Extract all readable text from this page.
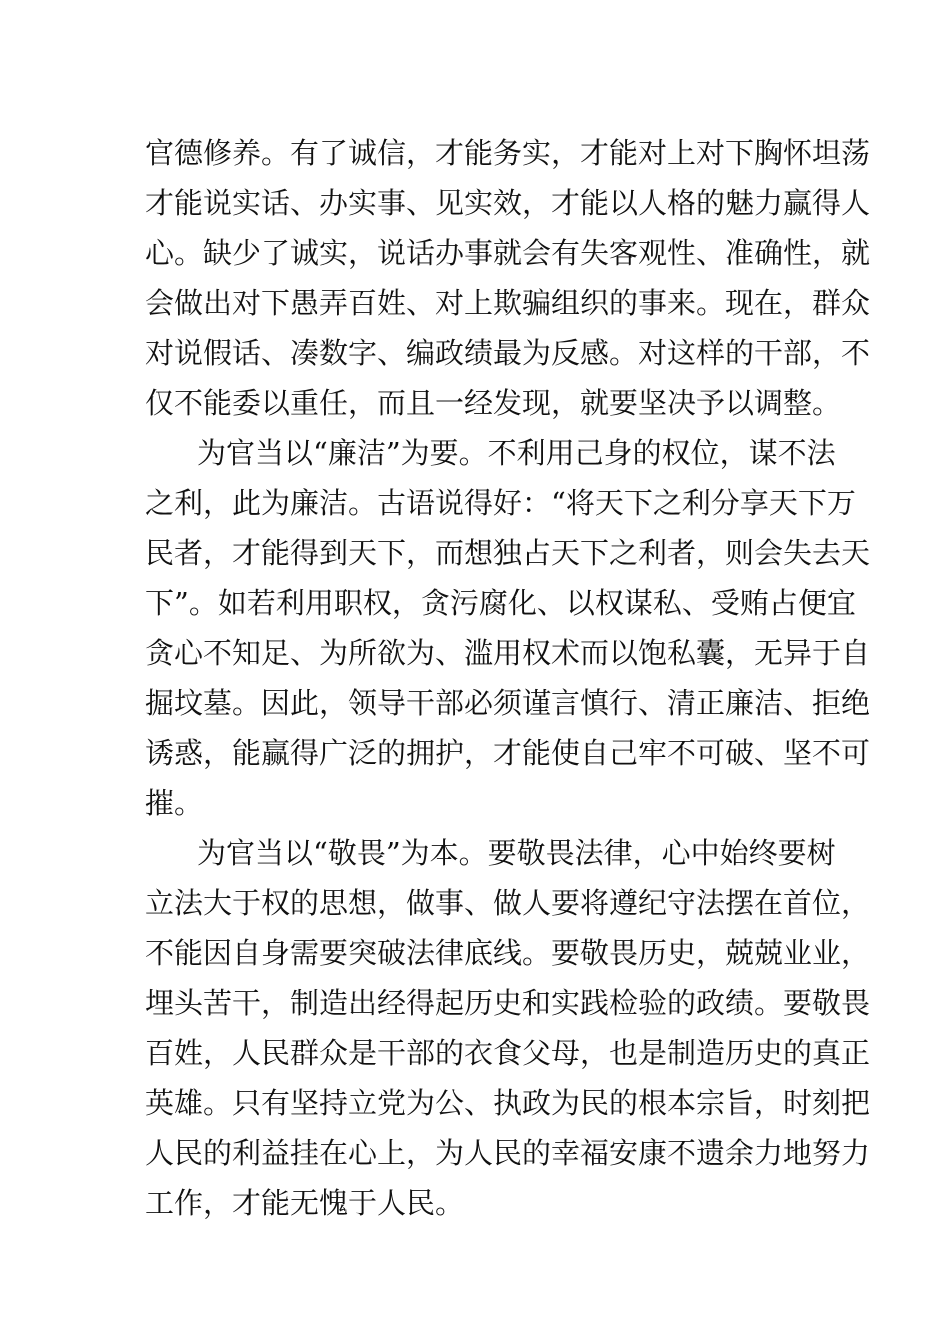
官德修养。有了诚信，才能务实，才能对上对下胸怀坦荡
才能说实话、办实事、见实效，才能以人格的魅力赢得人
心。缺少了诚实，说话办事就会有失客观性、准确性，就
会做出对下愚弄百姓、对上欺骗组织的事来。现在，群众
对说假话、凑数字、编政绩最为反感。对这样的干部，不
仅不能委以重任，而且一经发现，就要坚决予以调整。
为官当以“廉洁”为要。不利用己身的权位，谋不法
之利，此为廉洁。古语说得好：“将天下之利分享天下万
民者，才能得到天下，而想独占天下之利者，则会失去天
下”。如若利用职权，贪污腐化、以权谋私、受贿占便宜
贪心不知足、为所欲为、滥用权术而以饱私囊，无异于自
掘坟墓。因此，领导干部必须谨言慎行、清正廉洁、拒绝
诱惑，能赢得广泛的拥护，才能使自己牢不可破、坚不可
摧。
为官当以“敬畏”为本。要敬畏法律，心中始终要树
立法大于权的思想，做事、做人要将遵纪守法摆在首位，
不能因自身需要突破法律底线。要敬畏历史，兢兢业业，
埋头苦干，制造出经得起历史和实践检验的政绩。要敬畏
百姓，人民群众是干部的衣食父母，也是制造历史的真正
英雄。只有坚持立党为公、执政为民的根本宗旨，时刻把
人民的利益挂在心上，为人民的幸福安康不遗余力地努力
工作，才能无愧于人民。
